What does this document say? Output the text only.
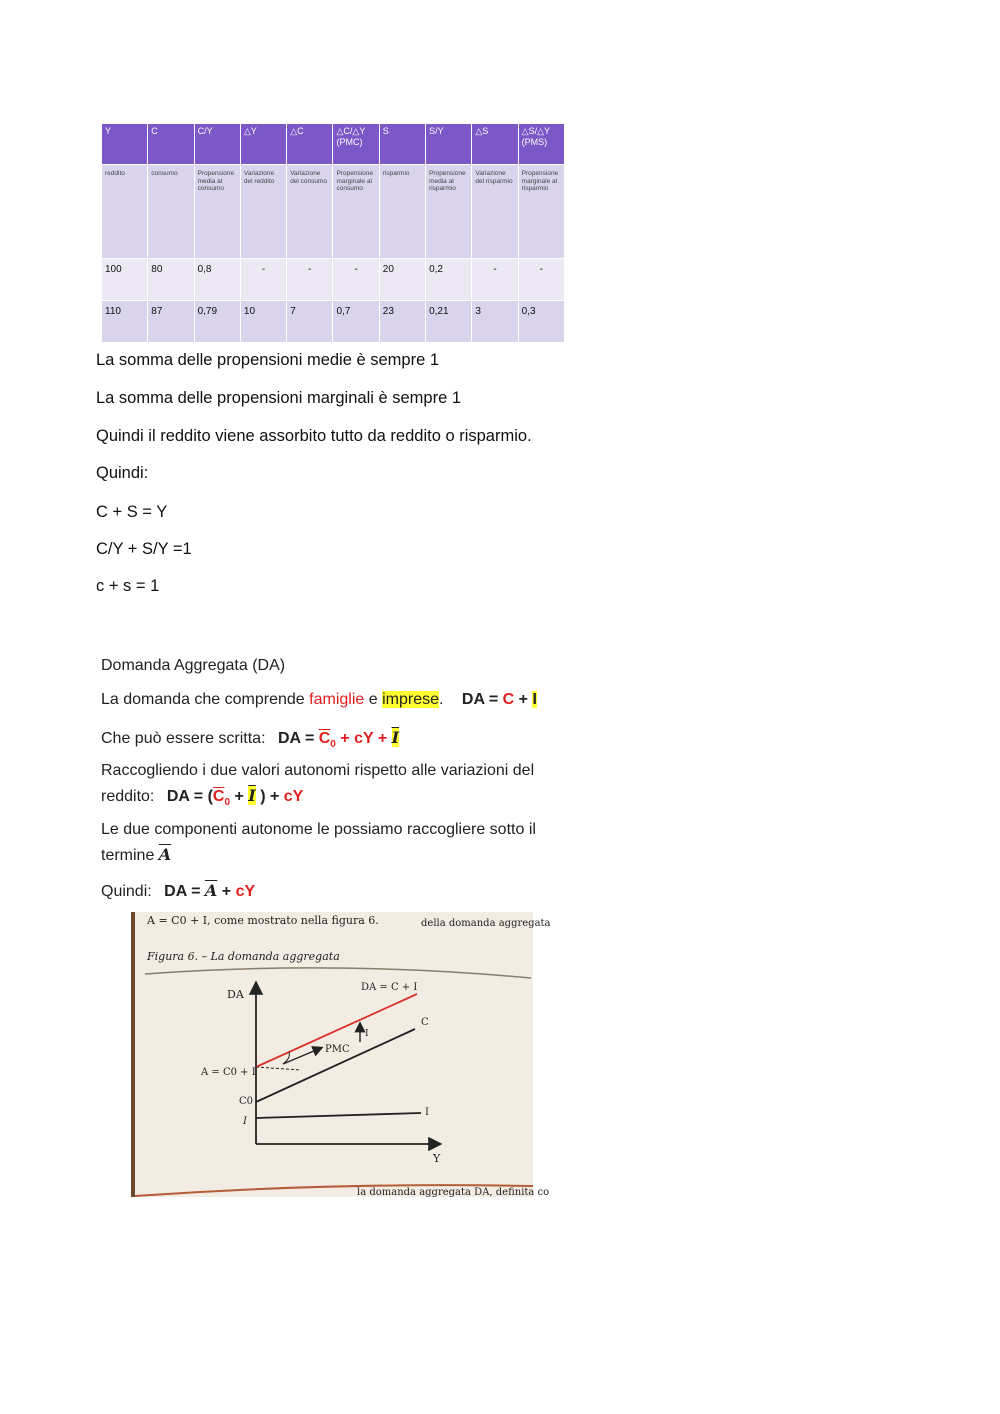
Y	C	C/Y	△Y	△C	△C/△Y (PMC)	S	S/Y	△S	△S/△Y (PMS)
reddito	consumo	Propensione media al consumo	Variazione del reddito	Variazione del consumo	Propensione marginale al consumo	risparmio	Propensione media al risparmio	Variazione del risparmio	Propensione marginale al risparmio
100	80	0,8	-	-	-	20	0,2	-	-
110	87	0,79	10	7	0,7	23	0,21	3	0,3
La somma delle propensioni medie è sempre 1
La somma delle propensioni marginali è sempre 1
Quindi il reddito viene assorbito tutto da reddito o risparmio.
Quindi:
C + S = Y
C/Y + S/Y =1
c + s = 1
Domanda Aggregata (DA)
La domanda che comprende famiglie e imprese. DA = C + I
Che può essere scritta: DA = $\overline{C}_0$ + cY + $\overline{I}$
Raccogliendo i due valori autonomi rispetto alle variazioni del
reddito: DA = ($\overline{C}_0 + \overline{I}$ ) + cY
Le due componenti autonome le possiamo raccogliere sotto il
termine $\overline{A}$
Quindi: DA = $\overline{A}$ + cY
A = C0 + I, come mostrato nella figura 6.	della domanda aggregata
Figura 6. – La domanda aggregata
DA
Y
DA = C + I
C
I
I
PMC
A = C0 + I
C0
I
la domanda aggregata DA, definita co
